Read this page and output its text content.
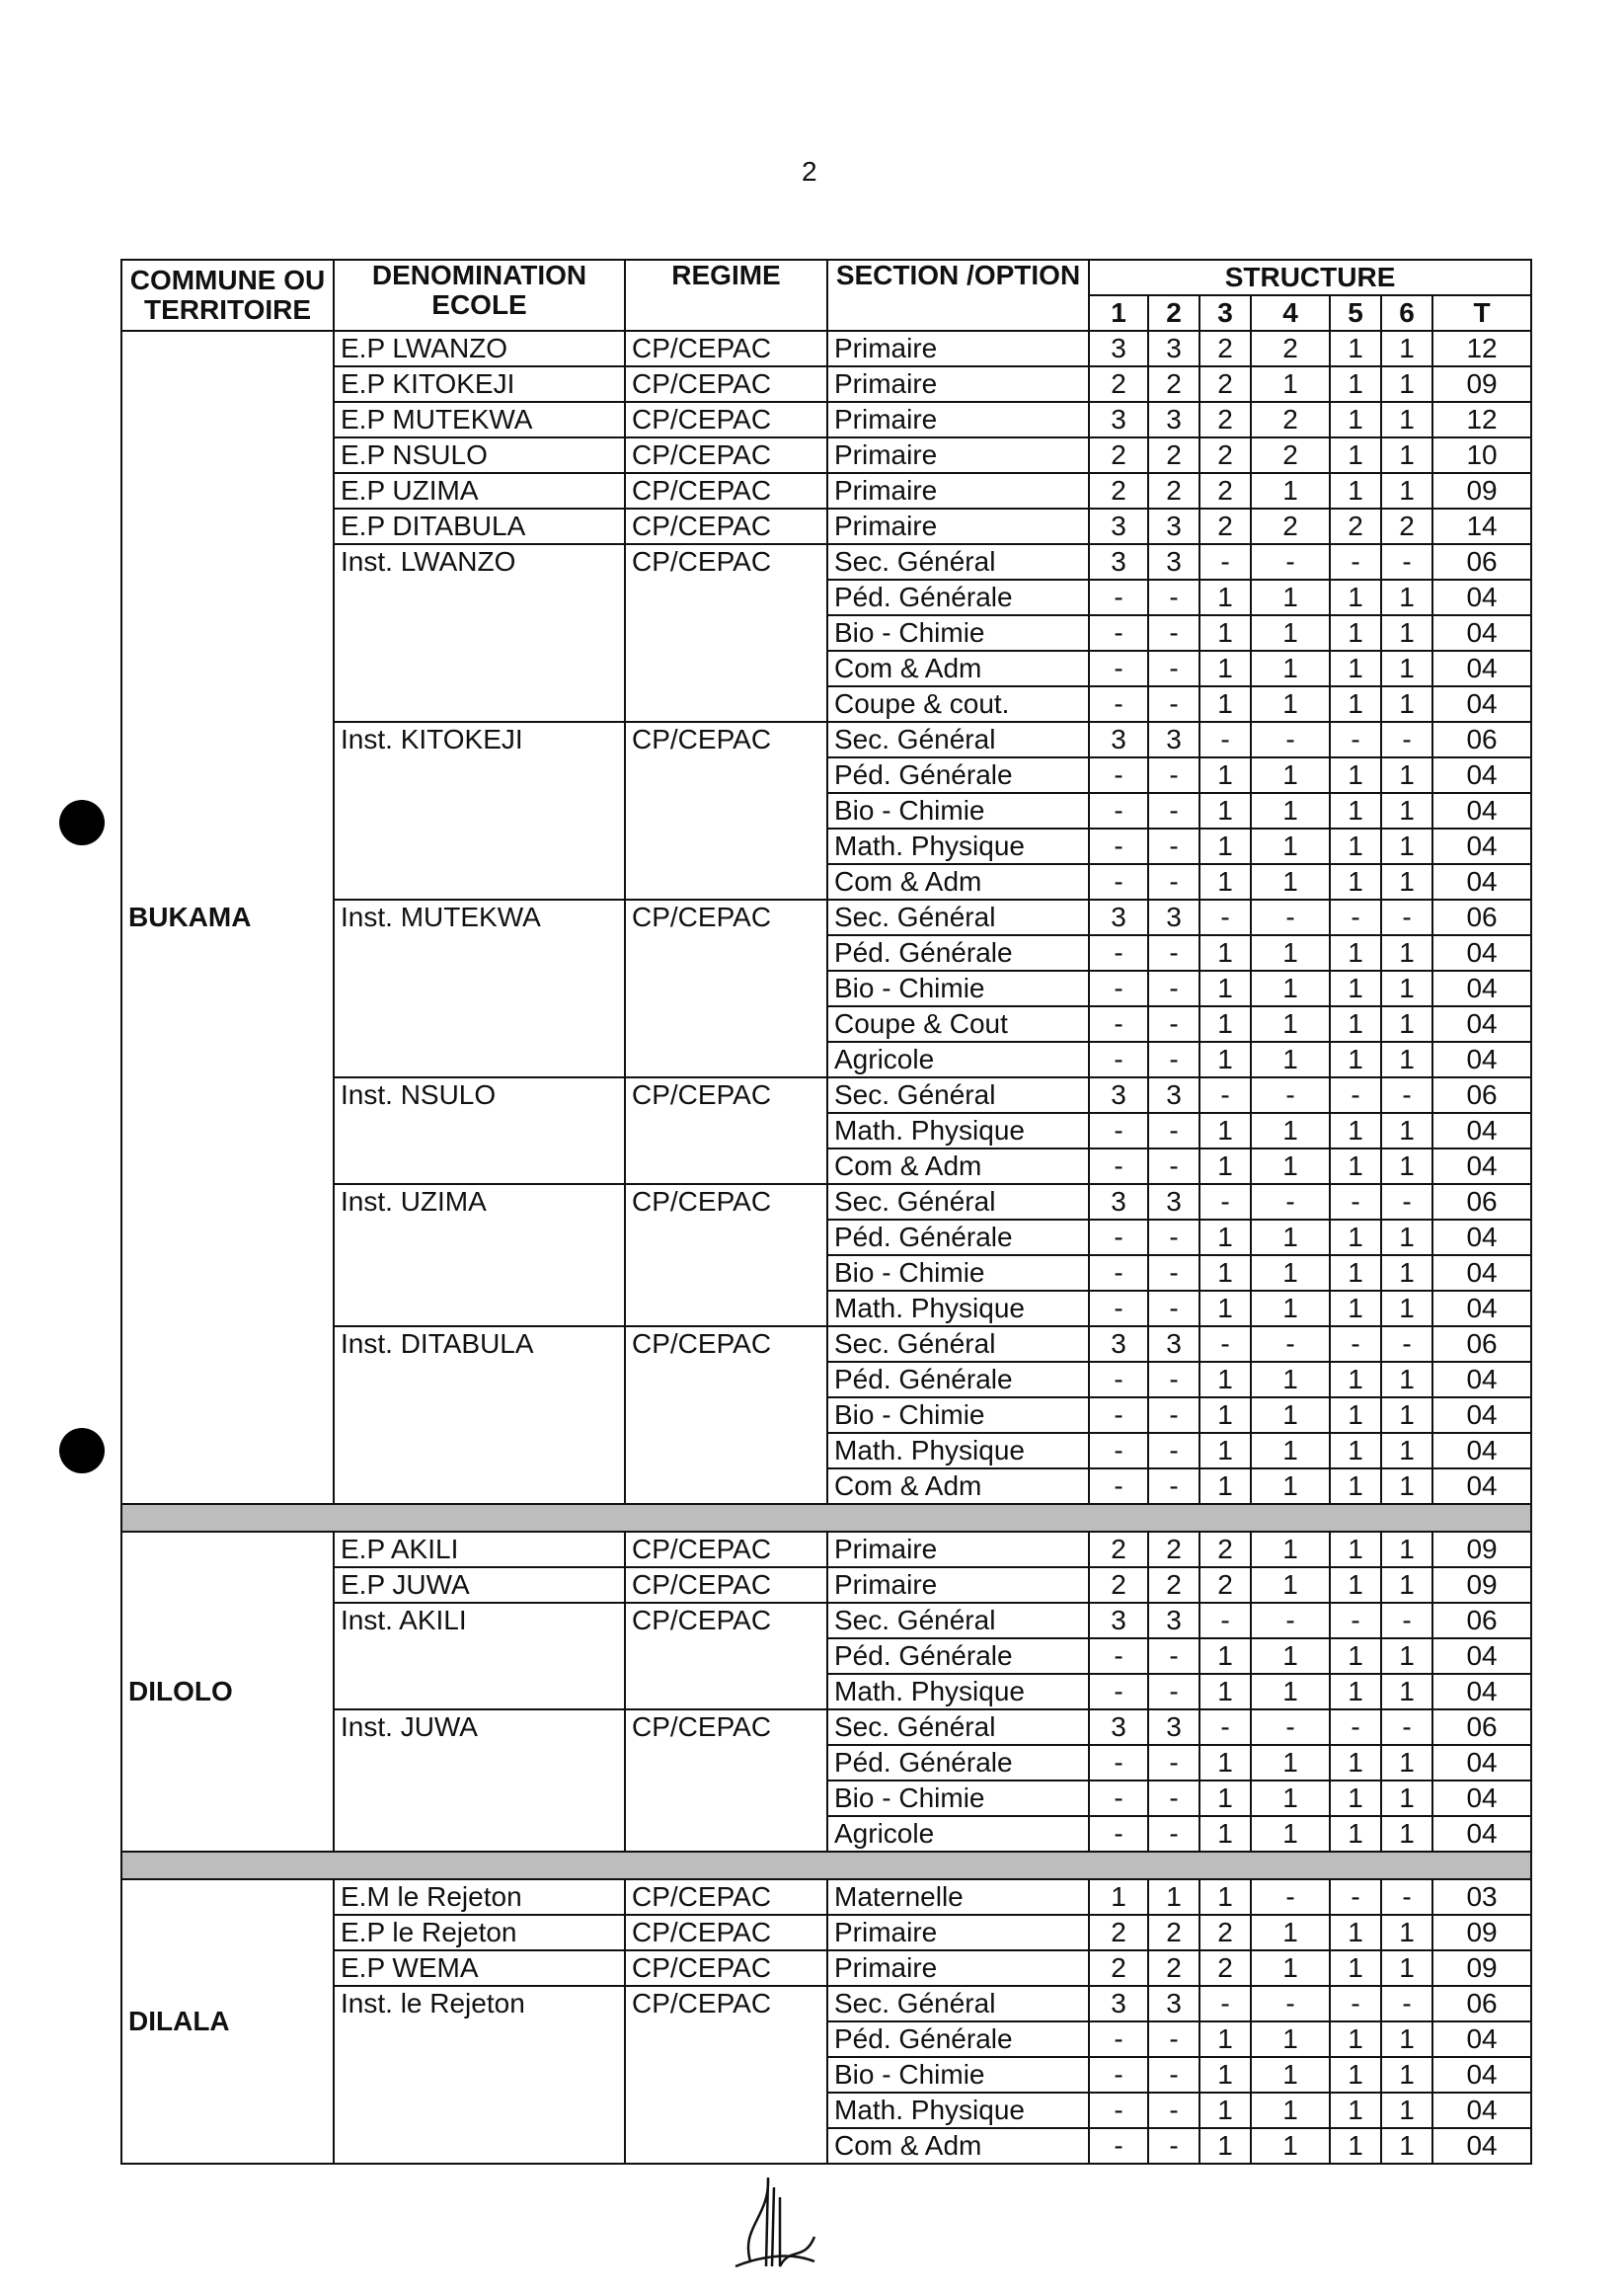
2
COMMUNE OU TERRITOIRE	DENOMINATION ECOLE	REGIME	SECTION /OPTION	STRUCTURE						
				1	2	3	4	5	6	T
BUKAMA	E.P LWANZO	CP/CEPAC	Primaire	3	3	2	2	1	1	12
	E.P KITOKEJI	CP/CEPAC	Primaire	2	2	2	1	1	1	09
	E.P MUTEKWA	CP/CEPAC	Primaire	3	3	2	2	1	1	12
	E.P NSULO	CP/CEPAC	Primaire	2	2	2	2	1	1	10
	E.P UZIMA	CP/CEPAC	Primaire	2	2	2	1	1	1	09
	E.P DITABULA	CP/CEPAC	Primaire	3	3	2	2	2	2	14
	Inst. LWANZO	CP/CEPAC	Sec. Général	3	3	-	-	-	-	06
			Péd. Générale	-	-	1	1	1	1	04
			Bio - Chimie	-	-	1	1	1	1	04
			Com & Adm	-	-	1	1	1	1	04
			Coupe & cout.	-	-	1	1	1	1	04
	Inst. KITOKEJI	CP/CEPAC	Sec. Général	3	3	-	-	-	-	06
			Péd. Générale	-	-	1	1	1	1	04
			Bio - Chimie	-	-	1	1	1	1	04
			Math. Physique	-	-	1	1	1	1	04
			Com & Adm	-	-	1	1	1	1	04
	Inst. MUTEKWA	CP/CEPAC	Sec. Général	3	3	-	-	-	-	06
			Péd. Générale	-	-	1	1	1	1	04
			Bio - Chimie	-	-	1	1	1	1	04
			Coupe & Cout	-	-	1	1	1	1	04
			Agricole	-	-	1	1	1	1	04
	Inst. NSULO	CP/CEPAC	Sec. Général	3	3	-	-	-	-	06
			Math. Physique	-	-	1	1	1	1	04
			Com & Adm	-	-	1	1	1	1	04
	Inst. UZIMA	CP/CEPAC	Sec. Général	3	3	-	-	-	-	06
			Péd. Générale	-	-	1	1	1	1	04
			Bio - Chimie	-	-	1	1	1	1	04
			Math. Physique	-	-	1	1	1	1	04
	Inst. DITABULA	CP/CEPAC	Sec. Général	3	3	-	-	-	-	06
			Péd. Générale	-	-	1	1	1	1	04
			Bio - Chimie	-	-	1	1	1	1	04
			Math. Physique	-	-	1	1	1	1	04
			Com & Adm	-	-	1	1	1	1	04

DILOLO	E.P AKILI	CP/CEPAC	Primaire	2	2	2	1	1	1	09
	E.P JUWA	CP/CEPAC	Primaire	2	2	2	1	1	1	09
	Inst. AKILI	CP/CEPAC	Sec. Général	3	3	-	-	-	-	06
			Péd. Générale	-	-	1	1	1	1	04
			Math. Physique	-	-	1	1	1	1	04
	Inst. JUWA	CP/CEPAC	Sec. Général	3	3	-	-	-	-	06
			Péd. Générale	-	-	1	1	1	1	04
			Bio - Chimie	-	-	1	1	1	1	04
			Agricole	-	-	1	1	1	1	04

DILALA	E.M le Rejeton	CP/CEPAC	Maternelle	1	1	1	-	-	-	03
	E.P le Rejeton	CP/CEPAC	Primaire	2	2	2	1	1	1	09
	E.P WEMA	CP/CEPAC	Primaire	2	2	2	1	1	1	09
	Inst. le Rejeton	CP/CEPAC	Sec. Général	3	3	-	-	-	-	06
			Péd. Générale	-	-	1	1	1	1	04
			Bio - Chimie	-	-	1	1	1	1	04
			Math. Physique	-	-	1	1	1	1	04
			Com & Adm	-	-	1	1	1	1	04
